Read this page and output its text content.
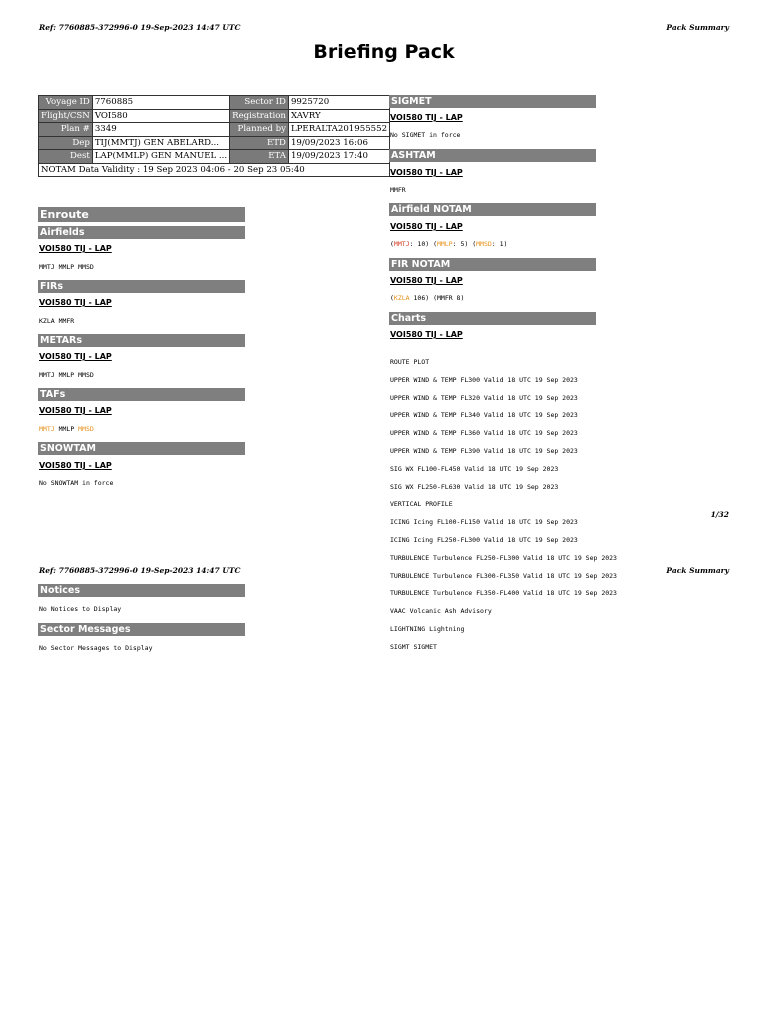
Ref: 7760885-372996-0 19-Sep-2023 14:47 UTC	Pack Summary
Briefing Pack
Voyage ID	7760885	Sector ID	9925720
Flight/CSN	VOI580	Registration	XAVRY
Plan #	3349	Planned by	LPERALTA201955552
Dep	TIJ(MMTJ) GEN ABELARD...	ETD	19/09/2023 16:06
Dest	LAP(MMLP) GEN MANUEL ...	ETA	19/09/2023 17:40
NOTAM Data Validity : 19 Sep 2023 04:06 - 20 Sep 23 05:40			
Enroute
Airfields
VOI580 TIJ - LAP
MMTJ MMLP MMSD
FIRs
VOI580 TIJ - LAP
KZLA MMFR
METARs
VOI580 TIJ - LAP
MMTJ MMLP MMSD
TAFs
VOI580 TIJ - LAP
MMTJ MMLP MMSD
SNOWTAM
VOI580 TIJ - LAP
No SNOWTAM in force
SIGMET
VOI580 TIJ - LAP
No SIGMET in force
ASHTAM
VOI580 TIJ - LAP
MMFR
Airfield NOTAM
VOI580 TIJ - LAP
(MMTJ: 10) (MMLP: 5) (MMSD: 1)
FIR NOTAM
VOI580 TIJ - LAP
(KZLA 106) (MMFR 8)
Charts
VOI580 TIJ - LAP

ROUTE PLOT

UPPER WIND & TEMP FL300 Valid 18 UTC 19 Sep 2023

UPPER WIND & TEMP FL320 Valid 18 UTC 19 Sep 2023

UPPER WIND & TEMP FL340 Valid 18 UTC 19 Sep 2023

UPPER WIND & TEMP FL360 Valid 18 UTC 19 Sep 2023

UPPER WIND & TEMP FL390 Valid 18 UTC 19 Sep 2023

SIG WX FL100-FL450 Valid 18 UTC 19 Sep 2023

SIG WX FL250-FL630 Valid 18 UTC 19 Sep 2023

VERTICAL PROFILE

ICING Icing FL100-FL150 Valid 18 UTC 19 Sep 2023

ICING Icing FL250-FL300 Valid 18 UTC 19 Sep 2023

TURBULENCE Turbulence FL250-FL300 Valid 18 UTC 19 Sep 2023

TURBULENCE Turbulence FL300-FL350 Valid 18 UTC 19 Sep 2023

TURBULENCE Turbulence FL350-FL400 Valid 18 UTC 19 Sep 2023

VAAC Volcanic Ash Advisory

LIGHTNING Lightning

SIGMT SIGMET

1/32
Ref: 7760885-372996-0 19-Sep-2023 14:47 UTC	Pack Summary
Notices
No Notices to Display
Sector Messages
No Sector Messages to Display
